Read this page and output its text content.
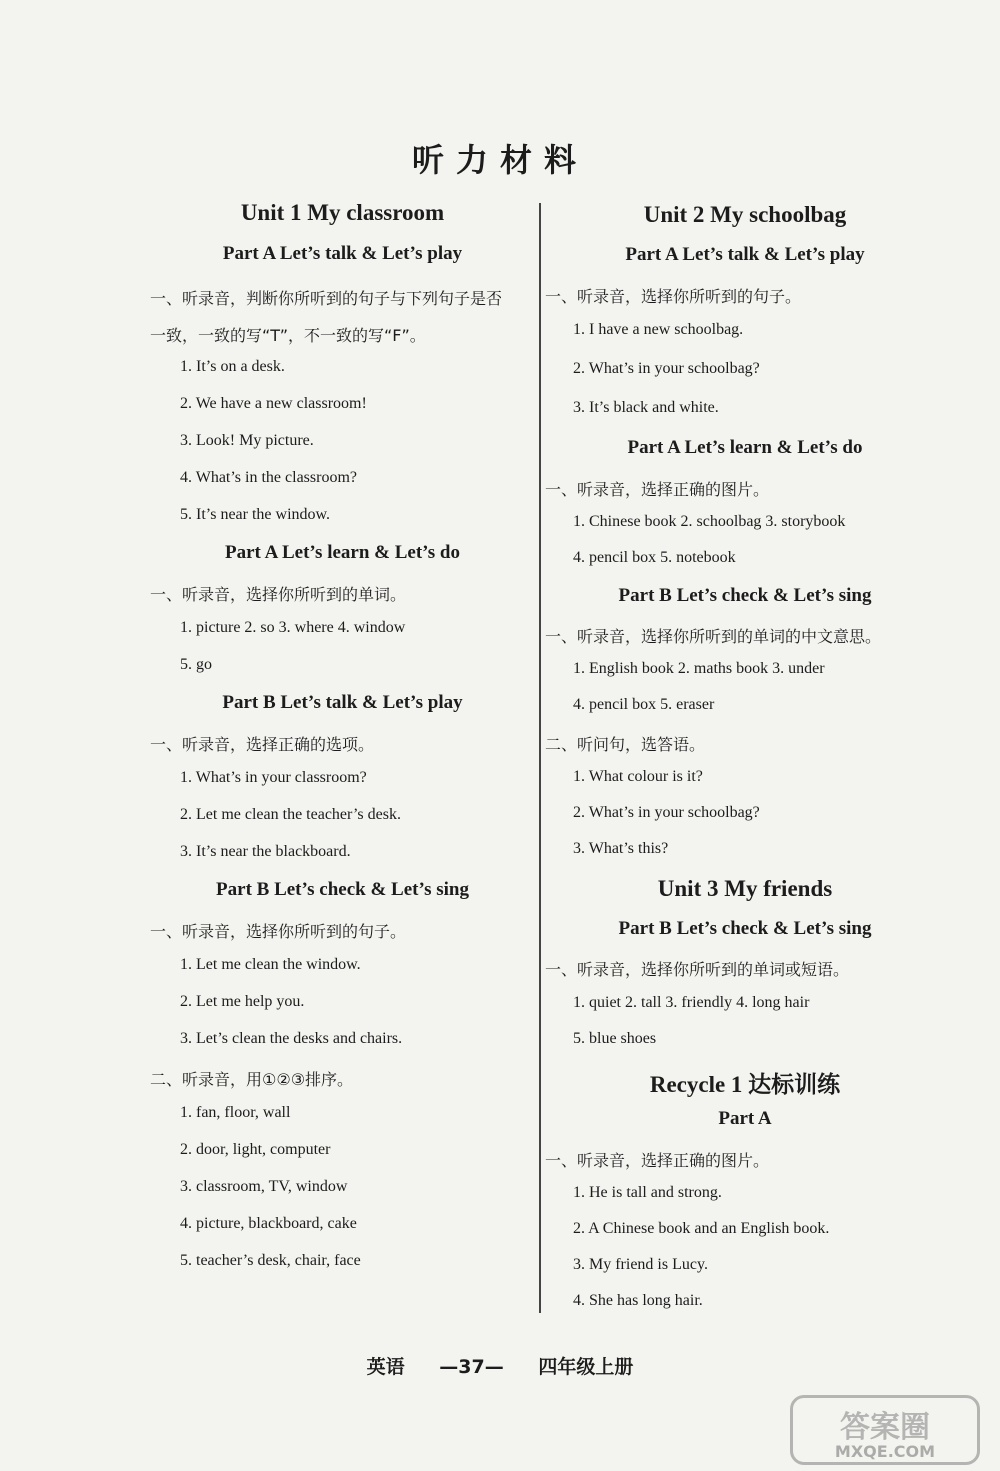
听力材料
Unit 1 My classroom
Part A Let’s talk & Let’s play
一、听录音，判断你所听到的句子与下列句子是否
一致，一致的写“T”，不一致的写“F”。
1. It’s on a desk.
2. We have a new classroom!
3. Look! My picture.
4. What’s in the classroom?
5. It’s near the window.
Part A Let’s learn & Let’s do
一、听录音，选择你所听到的单词。
1. picture 2. so 3. where 4. window
5. go
Part B Let’s talk & Let’s play
一、听录音，选择正确的选项。
1. What’s in your classroom?
2. Let me clean the teacher’s desk.
3. It’s near the blackboard.
Part B Let’s check & Let’s sing
一、听录音，选择你所听到的句子。
1. Let me clean the window.
2. Let me help you.
3. Let’s clean the desks and chairs.
二、听录音，用①②③排序。
1. fan, floor, wall
2. door, light, computer
3. classroom, TV, window
4. picture, blackboard, cake
5. teacher’s desk, chair, face
Unit 2 My schoolbag
Part A Let’s talk & Let’s play
一、听录音，选择你所听到的句子。
1. I have a new schoolbag.
2. What’s in your schoolbag?
3. It’s black and white.
Part A Let’s learn & Let’s do
一、听录音，选择正确的图片。
1. Chinese book 2. schoolbag 3. storybook
4. pencil box 5. notebook
Part B Let’s check & Let’s sing
一、听录音，选择你所听到的单词的中文意思。
1. English book 2. maths book 3. under
4. pencil box 5. eraser
二、听问句，选答语。
1. What colour is it?
2. What’s in your schoolbag?
3. What’s this?
Unit 3 My friends
Part B Let’s check & Let’s sing
一、听录音，选择你所听到的单词或短语。
1. quiet 2. tall 3. friendly 4. long hair
5. blue shoes
Recycle 1 达标训练
Part A
一、听录音，选择正确的图片。
1. He is tall and strong.
2. A Chinese book and an English book.
3. My friend is Lucy.
4. She has long hair.
英语 —37— 四年级上册
答案圈
MXQE.COM
